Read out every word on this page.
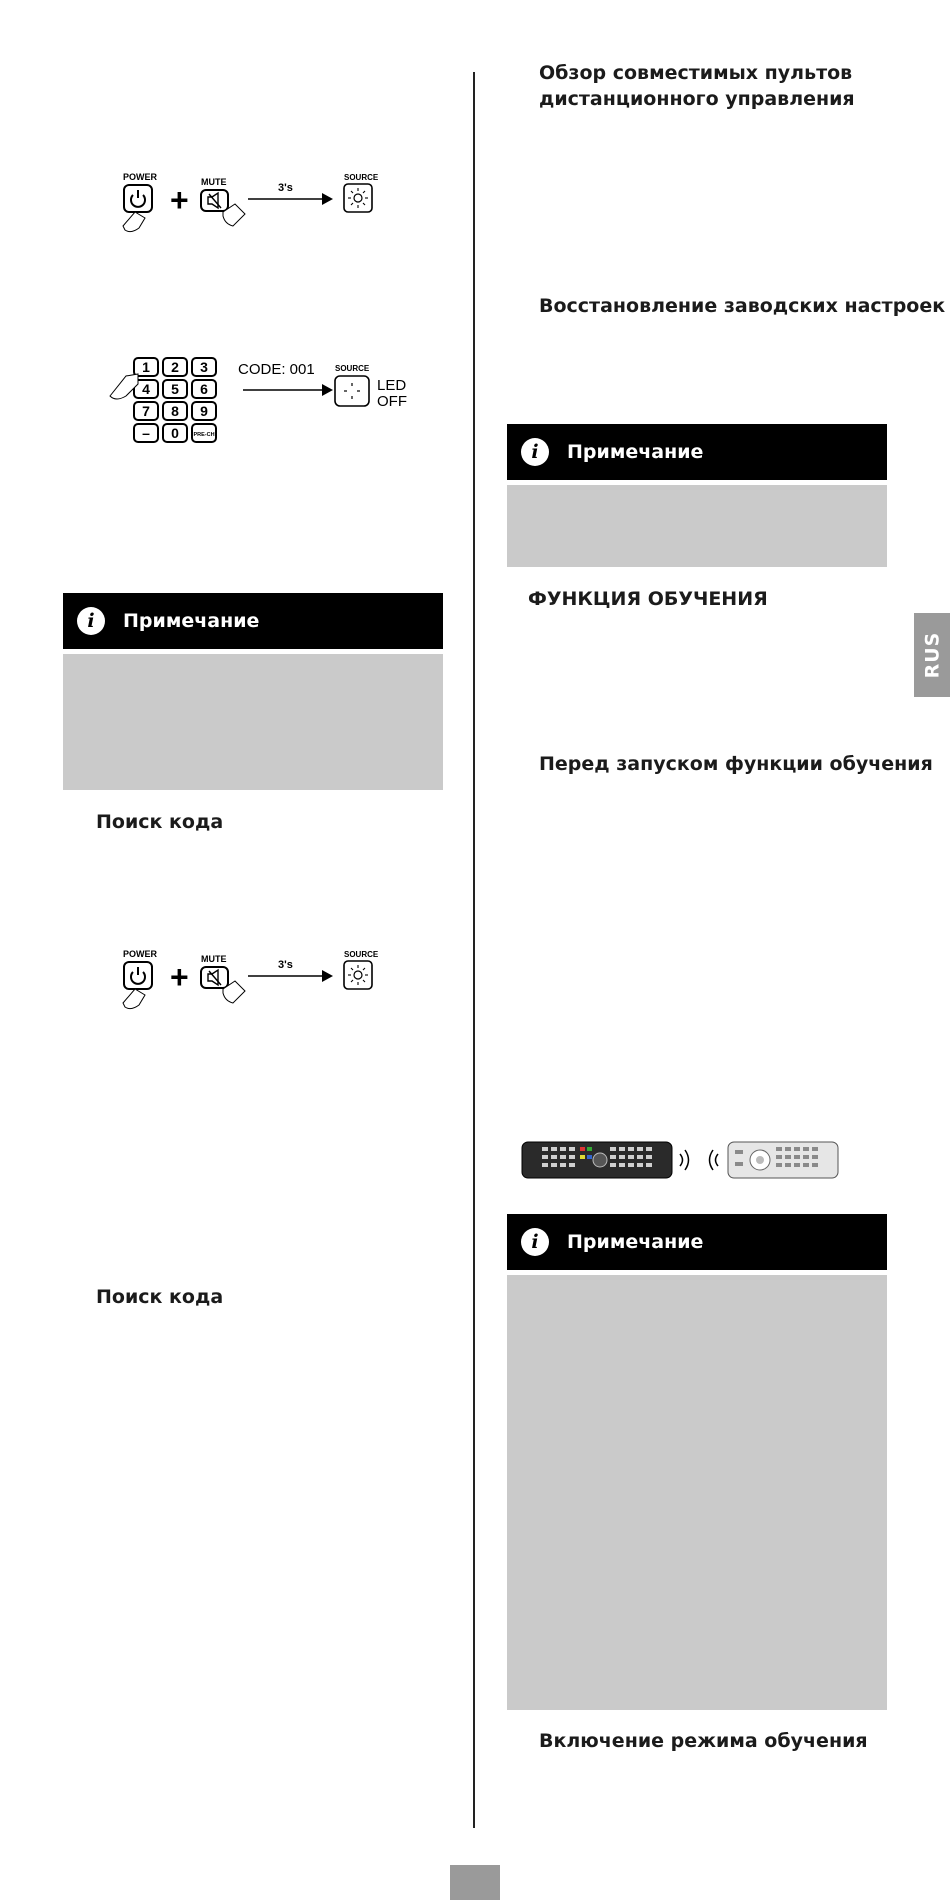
POWER
+ MUTE	3's
SOURCE
1 2 3
4 5 6
7 8 9
– 0	PRE-CH
CODE: 001	SOURCE
LED
OFF
i	Примечание
Поиск кода
POWER
+ MUTE	3's
SOURCE
Поиск кода
Обзор совместимых пультов
дистанционного управления
Восстановление заводских настроек
i	Примечание
ФУНКЦИЯ ОБУЧЕНИЯ
Перед запуском функции обучения
i	Примечание
Включение режима обучения
RUS
